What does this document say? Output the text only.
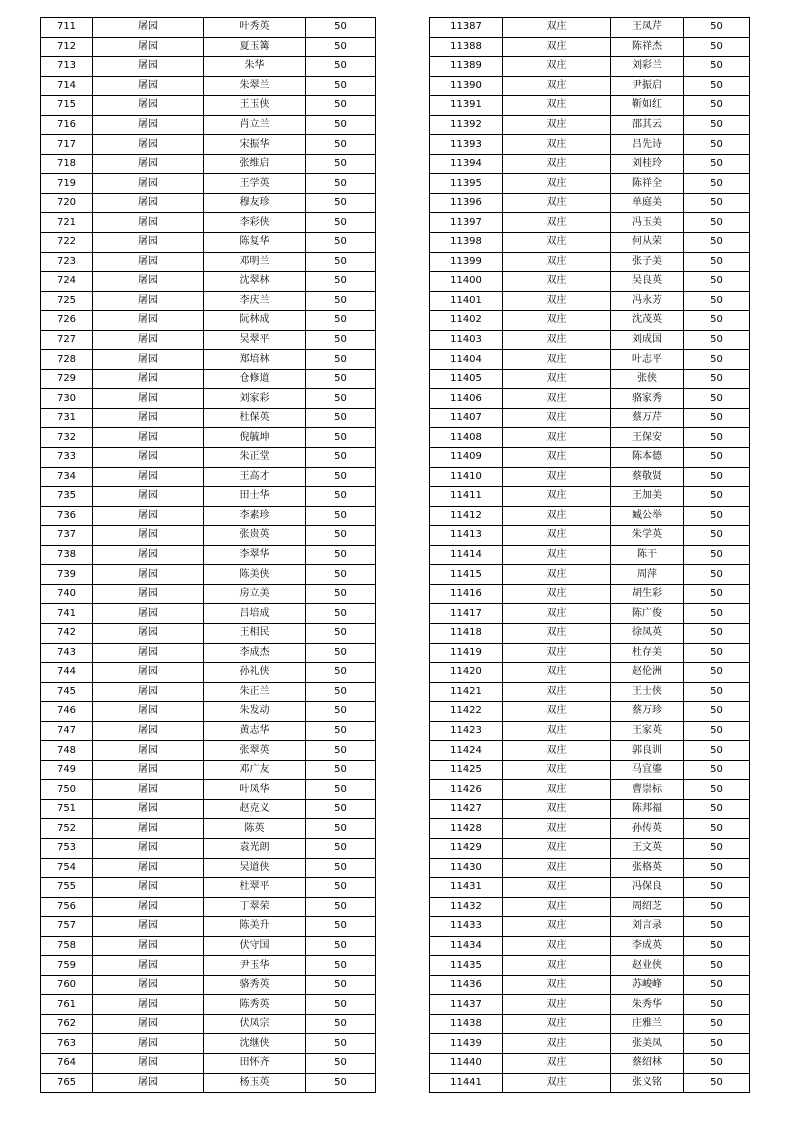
711	屠园	叶秀英	50
712	屠园	夏玉篝	50
713	屠园	朱华	50
714	屠园	朱翠兰	50
715	屠园	王玉侠	50
716	屠园	肖立兰	50
717	屠园	宋振华	50
718	屠园	张维启	50
719	屠园	王学英	50
720	屠园	穆友珍	50
721	屠园	李彩侠	50
722	屠园	陈复华	50
723	屠园	邓明兰	50
724	屠园	沈翠林	50
725	屠园	李庆兰	50
726	屠园	阮林成	50
727	屠园	吴翠平	50
728	屠园	郑培林	50
729	屠园	仓修道	50
730	屠园	刘家彩	50
731	屠园	杜保英	50
732	屠园	倪毓坤	50
733	屠园	朱正堂	50
734	屠园	王高才	50
735	屠园	田士华	50
736	屠园	李素珍	50
737	屠园	张贵英	50
738	屠园	李翠华	50
739	屠园	陈美侠	50
740	屠园	房立美	50
741	屠园	吕培成	50
742	屠园	王相民	50
743	屠园	李成杰	50
744	屠园	孙礼侠	50
745	屠园	朱正兰	50
746	屠园	朱发动	50
747	屠园	黄志华	50
748	屠园	张翠英	50
749	屠园	邓广友	50
750	屠园	叶凤华	50
751	屠园	赵克义	50
752	屠园	陈英	50
753	屠园	袁光朗	50
754	屠园	吴道侠	50
755	屠园	杜翠平	50
756	屠园	丁翠荣	50
757	屠园	陈美升	50
758	屠园	伏守国	50
759	屠园	尹玉华	50
760	屠园	骆秀英	50
761	屠园	陈秀英	50
762	屠园	伏凤宗	50
763	屠园	沈继侠	50
764	屠园	田怀齐	50
765	屠园	杨玉英	50
11387	双庄	王凤芹	50
11388	双庄	陈祥杰	50
11389	双庄	刘彩兰	50
11390	双庄	尹振启	50
11391	双庄	靳如红	50
11392	双庄	邵其云	50
11393	双庄	吕先诗	50
11394	双庄	刘桂玲	50
11395	双庄	陈祥全	50
11396	双庄	单庭美	50
11397	双庄	冯玉美	50
11398	双庄	何从荣	50
11399	双庄	张子美	50
11400	双庄	吴良英	50
11401	双庄	冯永芳	50
11402	双庄	沈茂英	50
11403	双庄	刘成国	50
11404	双庄	叶志平	50
11405	双庄	张侠	50
11406	双庄	骆家秀	50
11407	双庄	蔡万芹	50
11408	双庄	王保安	50
11409	双庄	陈本德	50
11410	双庄	蔡敬贤	50
11411	双庄	王加美	50
11412	双庄	臧公举	50
11413	双庄	朱学英	50
11414	双庄	陈干	50
11415	双庄	周萍	50
11416	双庄	胡生彩	50
11417	双庄	陈广俊	50
11418	双庄	徐凤英	50
11419	双庄	杜存美	50
11420	双庄	赵伦洲	50
11421	双庄	王士侠	50
11422	双庄	蔡万珍	50
11423	双庄	王家英	50
11424	双庄	郭良训	50
11425	双庄	马宜鎏	50
11426	双庄	曹崇标	50
11427	双庄	陈邦福	50
11428	双庄	孙传英	50
11429	双庄	王文英	50
11430	双庄	张格英	50
11431	双庄	冯保良	50
11432	双庄	周绍芝	50
11433	双庄	刘言录	50
11434	双庄	李成英	50
11435	双庄	赵业侠	50
11436	双庄	苏峻峰	50
11437	双庄	朱秀华	50
11438	双庄	庄雅兰	50
11439	双庄	张美凤	50
11440	双庄	蔡绍林	50
11441	双庄	张义铭	50
